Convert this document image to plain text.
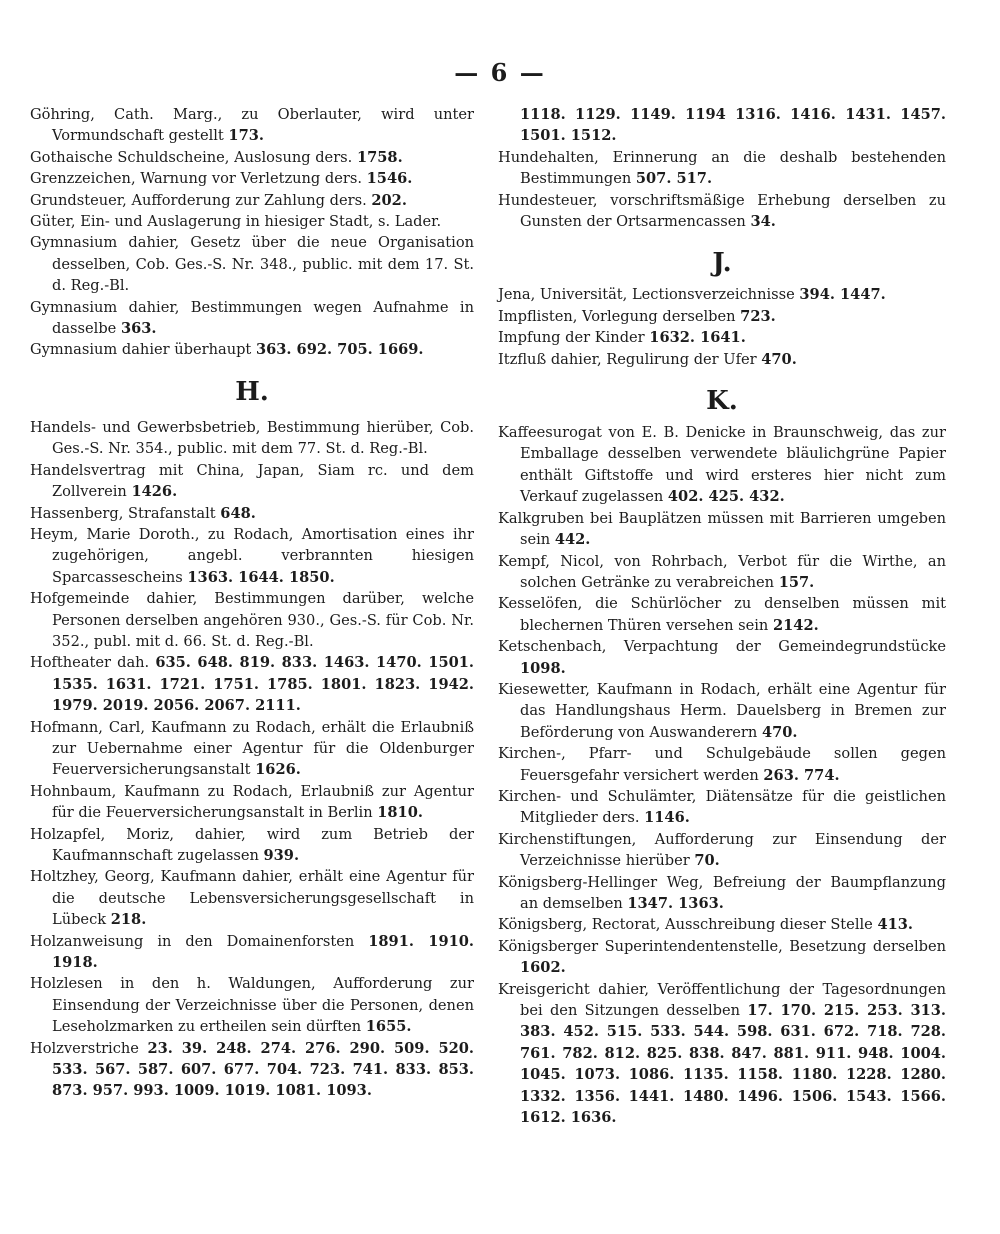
— 6 —
Göhring, Cath. Marg., zu Oberlauter, wird unter Vormundschaft gestellt 173.
Gothaische Schuldscheine, Auslosung ders. 1758.
Grenzzeichen, Warnung vor Verletzung ders. 1546.
Grundsteuer, Aufforderung zur Zahlung ders. 202.
Güter, Ein- und Auslagerung in hiesiger Stadt, s. Lader.
Gymnasium dahier, Gesetz über die neue Organisation desselben, Cob. Ges.-S. Nr. 348., public. mit dem 17. St. d. Reg.-Bl.
Gymnasium dahier, Bestimmungen wegen Aufnahme in dasselbe 363.
Gymnasium dahier überhaupt 363. 692. 705. 1669.
H.
Handels- und Gewerbsbetrieb, Bestimmung hierüber, Cob. Ges.-S. Nr. 354., public. mit dem 77. St. d. Reg.-Bl.
Handelsvertrag mit China, Japan, Siam rc. und dem Zollverein 1426.
Hassenberg, Strafanstalt 648.
Heym, Marie Doroth., zu Rodach, Amortisation eines ihr zugehörigen, angebl. verbrannten hiesigen Sparcassescheins 1363. 1644. 1850.
Hofgemeinde dahier, Bestimmungen darüber, welche Personen derselben angehören 930., Ges.-S. für Cob. Nr. 352., publ. mit d. 66. St. d. Reg.-Bl.
Hoftheater dah. 635. 648. 819. 833. 1463. 1470. 1501. 1535. 1631. 1721. 1751. 1785. 1801. 1823. 1942. 1979. 2019. 2056. 2067. 2111.
Hofmann, Carl, Kaufmann zu Rodach, erhält die Erlaubniß zur Uebernahme einer Agentur für die Oldenburger Feuerversicherungsanstalt 1626.
Hohnbaum, Kaufmann zu Rodach, Erlaubniß zur Agentur für die Feuerversicherungsanstalt in Berlin 1810.
Holzapfel, Moriz, dahier, wird zum Betrieb der Kaufmannschaft zugelassen 939.
Holtzhey, Georg, Kaufmann dahier, erhält eine Agentur für die deutsche Lebensversicherungsgesellschaft in Lübeck 218.
Holzanweisung in den Domainenforsten 1891. 1910. 1918.
Holzlesen in den h. Waldungen, Aufforderung zur Einsendung der Verzeichnisse über die Personen, denen Leseholzmarken zu ertheilen sein dürften 1655.
Holzverstriche 23. 39. 248. 274. 276. 290. 509. 520. 533. 567. 587. 607. 677. 704. 723. 741. 833. 853. 873. 957. 993. 1009. 1019. 1081. 1093.
1118. 1129. 1149. 1194 1316. 1416. 1431. 1457. 1501. 1512.
Hundehalten, Erinnerung an die deshalb bestehenden Bestimmungen 507. 517.
Hundesteuer, vorschriftsmäßige Erhebung derselben zu Gunsten der Ortsarmencassen 34.
J.
Jena, Universität, Lectionsverzeichnisse 394. 1447.
Impflisten, Vorlegung derselben 723.
Impfung der Kinder 1632. 1641.
Itzfluß dahier, Regulirung der Ufer 470.
K.
Kaffeesurogat von E. B. Denicke in Braunschweig, das zur Emballage desselben verwendete bläulichgrüne Papier enthält Giftstoffe und wird ersteres hier nicht zum Verkauf zugelassen 402. 425. 432.
Kalkgruben bei Bauplätzen müssen mit Barrieren umgeben sein 442.
Kempf, Nicol, von Rohrbach, Verbot für die Wirthe, an solchen Getränke zu verabreichen 157.
Kesselöfen, die Schürlöcher zu denselben müssen mit blechernen Thüren versehen sein 2142.
Ketschenbach, Verpachtung der Gemeindegrundstücke 1098.
Kiesewetter, Kaufmann in Rodach, erhält eine Agentur für das Handlungshaus Herm. Dauelsberg in Bremen zur Beförderung von Auswanderern 470.
Kirchen-, Pfarr- und Schulgebäude sollen gegen Feuersgefahr versichert werden 263. 774.
Kirchen- und Schulämter, Diätensätze für die geistlichen Mitglieder ders. 1146.
Kirchenstiftungen, Aufforderung zur Einsendung der Verzeichnisse hierüber 70.
Königsberg-Hellinger Weg, Befreiung der Baumpflanzung an demselben 1347. 1363.
Königsberg, Rectorat, Ausschreibung dieser Stelle 413.
Königsberger Superintendentenstelle, Besetzung derselben 1602.
Kreisgericht dahier, Veröffentlichung der Tagesordnungen bei den Sitzungen desselben 17. 170. 215. 253. 313. 383. 452. 515. 533. 544. 598. 631. 672. 718. 728. 761. 782. 812. 825. 838. 847. 881. 911. 948. 1004. 1045. 1073. 1086. 1135. 1158. 1180. 1228. 1280. 1332. 1356. 1441. 1480. 1496. 1506. 1543. 1566. 1612. 1636.
